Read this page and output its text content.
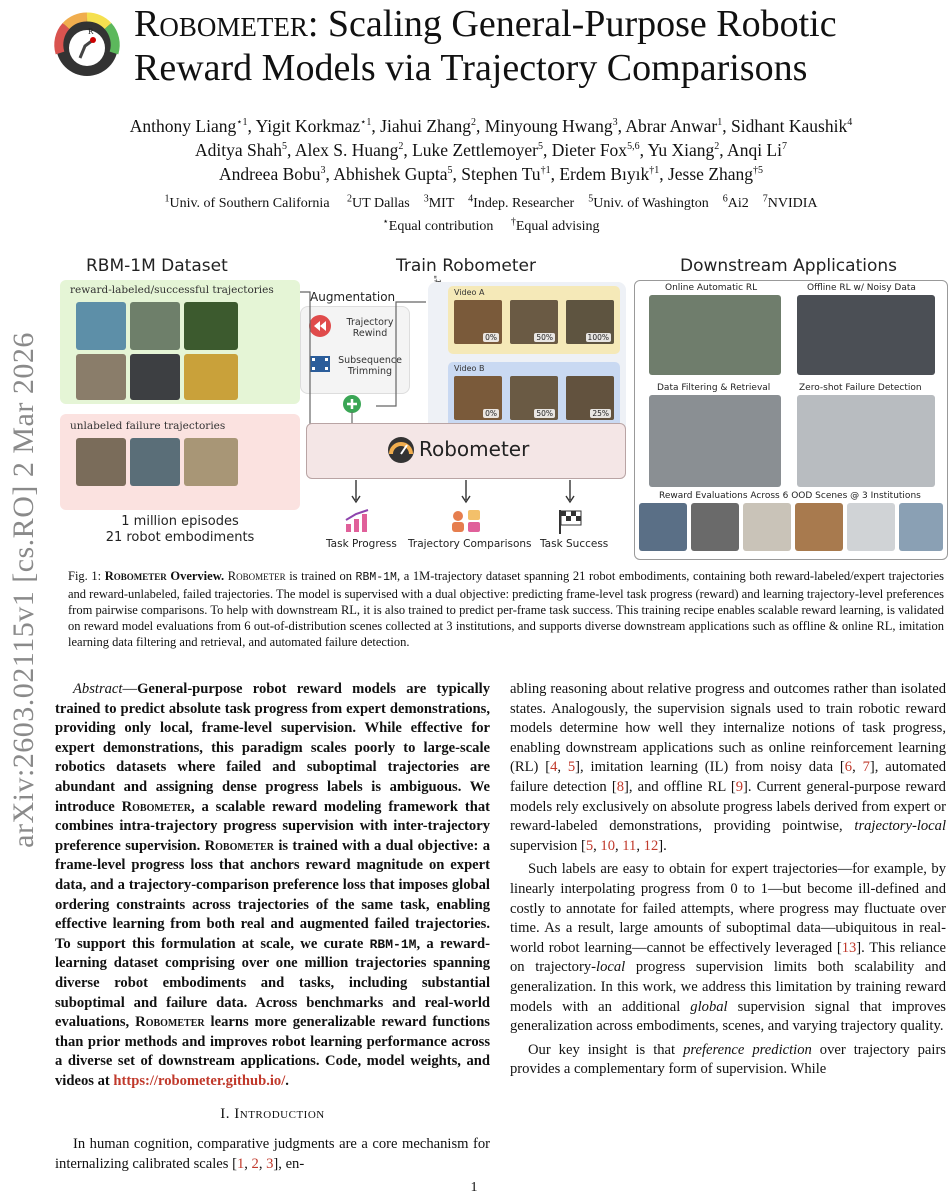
arXiv:2603.02115v1 [cs.RO] 2 Mar 2026
R Robometer: Scaling General-Purpose Robotic
Reward Models via Trajectory Comparisons
Anthony Liang$^{⋆1}$, Yigit Korkmaz$^{⋆1}$, Jiahui Zhang$^2$, Minyoung Hwang$^3$, Abrar Anwar$^1$, Sidhant Kaushik$^4$
Aditya Shah$^5$, Alex S. Huang$^2$, Luke Zettlemoyer$^5$, Dieter Fox$^{5,6}$, Yu Xiang$^2$, Anqi Li$^7$
Andreea Bobu$^3$, Abhishek Gupta$^5$, Stephen Tu$^{\dagger 1}$, Erdem Bıyık$^{\dagger 1}$, Jesse Zhang$^{\dagger 5}$
$^1$Univ. of Southern California     $^2$UT Dallas    $^3$MIT    $^4$Indep. Researcher    $^5$Univ. of Washington    $^6$Ai2    $^7$NVIDIA
⋆Equal contribution     †Equal advising
RBM-1M Dataset	Train Robometer	Downstream Applications
reward-labeled/successful trajectories
unlabeled failure trajectories
1 million episodes
21 robot embodiments
Augmentation
Trajectory Rewind
Subsequence Trimming
Video A
0%	50%	100%
Video B
0%	50%	25%
Robometer
Task Progress Trajectory Comparisons Task Success
Online Automatic RL	Offline RL w/ Noisy Data
Data Filtering & Retrieval	Zero-shot Failure Detection
Reward Evaluations Across 6 OOD Scenes @ 3 Institutions
Fig. 1: Robometer Overview. Robometer is trained on RBM-1M, a 1M-trajectory dataset spanning 21 robot embodiments, containing both reward-labeled/expert trajectories and reward-unlabeled, failed trajectories. The model is supervised with a dual objective: predicting frame-level task progress (reward) and learning trajectory-level preferences from pairwise comparisons. To help with downstream RL, it is also trained to predict per-frame task success. This training recipe enables scalable reward learning, is validated on reward model evaluations from 6 out-of-distribution scenes collected at 3 institutions, and supports diverse downstream applications such as offline & online RL, imitation learning data filtering and retrieval, and automated failure detection.

Abstract—General-purpose robot reward models are typically trained to predict absolute task progress from expert demonstrations, providing only local, frame-level supervision. While effective for expert demonstrations, this paradigm scales poorly to large-scale robotics datasets where failed and suboptimal trajectories are abundant and assigning dense progress labels is ambiguous. We introduce Robometer, a scalable reward modeling framework that combines intra-trajectory progress supervision with inter-trajectory preference supervision. Robometer is trained with a dual objective: a frame-level progress loss that anchors reward magnitude on expert data, and a trajectory-comparison preference loss that imposes global ordering constraints across trajectories of the same task, enabling effective learning from both real and augmented failed trajectories. To support this formulation at scale, we curate RBM-1M, a reward-learning dataset comprising over one million trajectories spanning diverse robot embodiments and tasks, including substantial suboptimal and failure data. Across benchmarks and real-world evaluations, Robometer learns more generalizable reward functions than prior methods and improves robot learning performance across a diverse set of downstream applications. Code, model weights, and videos at https://robometer.github.io/.

I. Introduction

In human cognition, comparative judgments are a core mechanism for internalizing calibrated scales [1, 2, 3], en-

abling reasoning about relative progress and outcomes rather than isolated states. Analogously, the supervision signals used to train robotic reward models determine how well they internalize notions of task progress, enabling downstream applications such as online reinforcement learning (RL) [4, 5], imitation learning (IL) from noisy data [6, 7], automated failure detection [8], and offline RL [9]. Current general-purpose reward models rely exclusively on absolute progress labels derived from expert or reward-labeled demonstrations, providing pointwise, trajectory-local supervision [5, 10, 11, 12].

Such labels are easy to obtain for expert trajectories—for example, by linearly interpolating progress from 0 to 1—but become ill-defined and costly to annotate for failed attempts, where progress may fluctuate over time. As a result, large amounts of suboptimal data—ubiquitous in real-world robot learning—cannot be effectively leveraged [13]. This reliance on trajectory-local progress supervision limits both scalability and generalization. In this work, we address this limitation by training reward models with an additional global supervision signal that improves generalization across embodiments, scenes, and varying trajectory quality.

Our key insight is that preference prediction over trajectory pairs provides a complementary form of supervision. While

1
